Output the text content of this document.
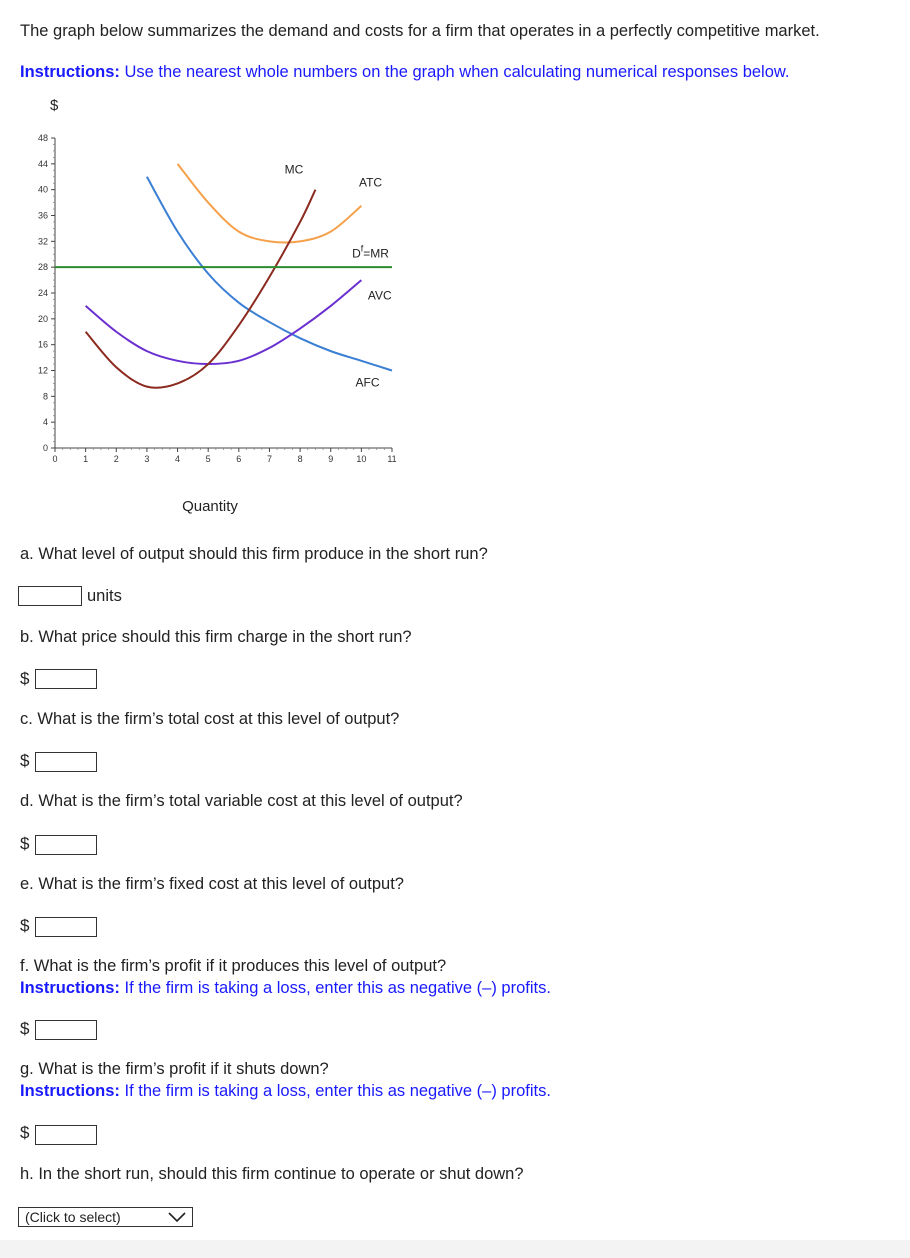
The graph below summarizes the demand and costs for a firm that operates in a perfectly competitive market.
Instructions: Use the nearest whole numbers on the graph when calculating numerical responses below.
$
0
4
8
12
16
20
24
28
32
36
40
44
48
0	1	2	3	4	5	6	7	8	9	10 11
Quantity
MC
ATC
$D^f=MR$
AVC
AFC
a. What level of output should this firm produce in the short run?
units
b. What price should this firm charge in the short run?
$
c. What is the firm’s total cost at this level of output?
$
d. What is the firm’s total variable cost at this level of output?
$
e. What is the firm’s fixed cost at this level of output?
$
f. What is the firm’s profit if it produces this level of output?
Instructions: If the firm is taking a loss, enter this as negative (–) profits.
$
g. What is the firm’s profit if it shuts down?
Instructions: If the firm is taking a loss, enter this as negative (–) profits.
$
h. In the short run, should this firm continue to operate or shut down?
(Click to select)
